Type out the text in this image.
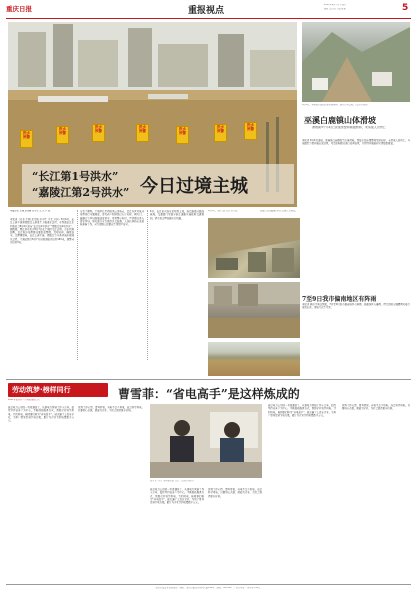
重庆日报	重报视点
2021年8月7日 星期六
编辑 责任校 美编 视觉	5
洪水
预警
洪水
预警
洪水
预警
洪水
预警	洪水
预警
洪水
预警
洪水
预警
“长江第1号洪水”
“嘉陵江第2号洪水” 今日过境主城
8月6日，巫溪县白鹿镇山体滑坡现场，部分房屋受损。（受访者供图）
巫溪白鹿镇山体滑坡
滑坡前3个小时已完成预警和疏散转移，未造成人员伤亡
本报讯 8月6日凌晨，巫溪县白鹿镇发生山体滑坡。得益于提前预警和及时转移，未造成人员伤亡。当地组织力量开展应急处置，对受影响群众进行妥善安置，并持续开展地质灾害隐患排查。
本报记者 王翔 龙丹梅 实习生 王 艺 卢 钰
本报讯（记者 王翔 龙丹梅 实习生 王艺 卢钰）8月6日，长江上游干流和嘉陵江上游发生大幅涨水过程，水利部长江水利委员会8月6日发布“长江第1号洪水”“嘉陵江第2号洪水”。据预测，两江洪水将于8月7日在主城区交汇过境。市水利局提醒，沿江低洼地带群众要提高警惕，及时转移，确保安全。受降雨影响，长江上游干流、嘉陵江等多条河流出现涨水过程。寸滩站预计8月7日出现洪峰水位约183米，超警戒水位约3米。
记者了解到，主城区已启动防汛应急响应，沿江各区对低洼地带进行全面排查，涉及商户和居民已有序转移。朝天门、磁器口等区域加强巡查值守，设置警示标识，严禁群众进入涉水区域。相关部门全力做好水文监测、人员转移和应急抢险准备工作，全力保障人民群众生命财产安全。
6日，长江重庆段水位明显上涨，滨江路部分路段被淹。交通部门对部分滨江道路实施临时交通管制，请市民合理安排出行线路。
8月6日，两江交汇处江水浑黄。	嘉陵江边的磁器口码头已被江水淹没。
7至9日我市偏南地区有阵雨
本报讯 据市气象台预报，7日至9日我市偏南地区有阵雨，局部地区有暴雨，请注意防范强降雨可能引发的山洪、滑坡等次生灾害。
劳动筑梦·榜样同行
2021年重庆五一劳动奖章获得者	曹雪菲：“省电高手”是这样炼成的
她是电力公司的一名普通员工，从事电力营销工作十余年，始终坚持以客户为中心，不断创新服务方式，帮助企业科学用电、节约用电，被同事们称为“省电高手”。她走遍了上百家企业，为用户量身定制节电方案，累计为企业节约电费数千万元。
谈到工作心得，曹雪菲说，省电不是少用电，而是科学用电。只要用心去做，就能为企业、为社会创造更多价值。
曹雪菲（右）与同事讨论工作。（受访者供图）
她是电力公司的一名普通员工，从事电力营销工作十余年，始终坚持以客户为中心，不断创新服务方式，帮助企业科学用电、节约用电，被同事们称为“省电高手”。她走遍了上百家企业，为用户量身定制节电方案，累计为企业节约电费数千万元。
谈到工作心得，曹雪菲说，省电不是少用电，而是科学用电。只要用心去做，就能为企业、为社会创造更多价值。
她是电力公司的一名普通员工，从事电力营销工作十余年，始终坚持以客户为中心，不断创新服务方式，帮助企业科学用电、节约用电，被同事们称为“省电高手”。她走遍了上百家企业，为用户量身定制节电方案，累计为企业节约电费数千万元。
谈到工作心得，曹雪菲说，省电不是少用电，而是科学用电。只要用心去做，就能为企业、为社会创造更多价值。
重庆日报报业集团出版　地址：重庆市渝北区同茂大道416号　邮编：401120　广告许可证　零售价1.50元
